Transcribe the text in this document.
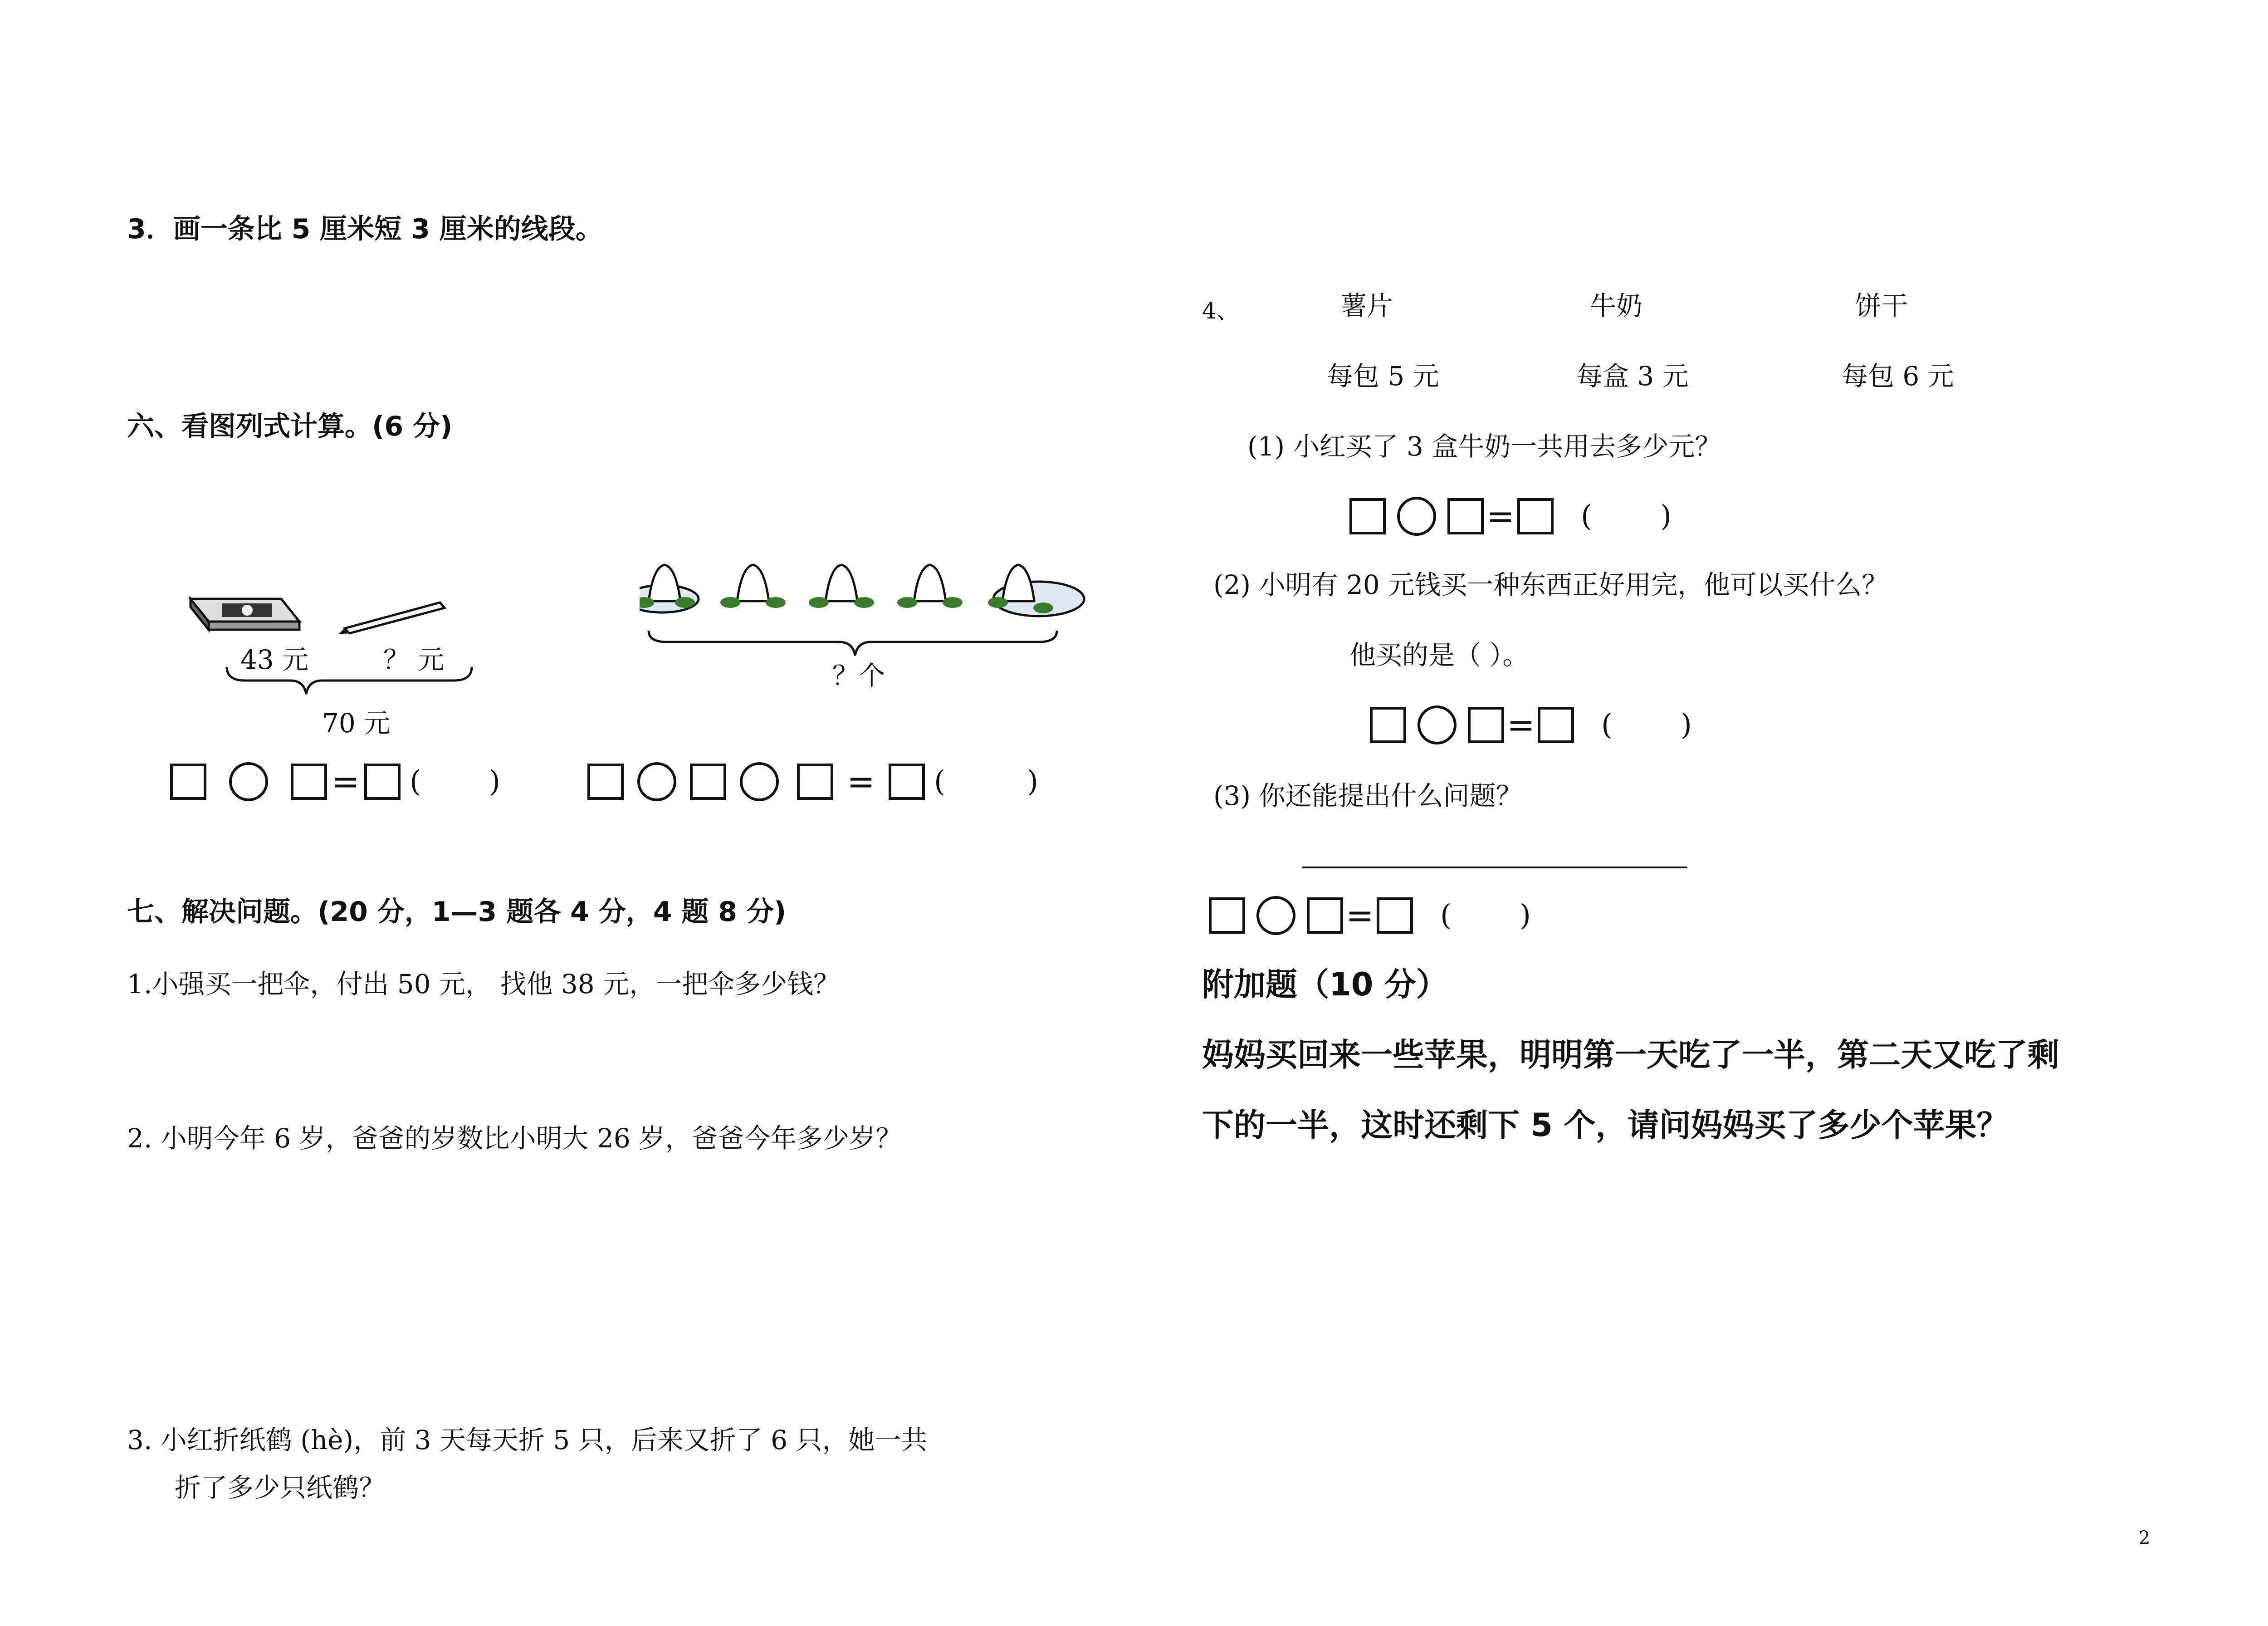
3．画一条比 5 厘米短 3 厘米的线段。
六、看图列式计算。(6 分)
43 元	？ 元
70 元
？个
= ( )	= (	)
七、解决问题。(20 分，1—3 题各 4 分，4 题 8 分)
1.小强买一把伞，付出 50 元， 找他 38 元，一把伞多少钱？
2. 小明今年 6 岁，爸爸的岁数比小明大 26 岁，爸爸今年多少岁？
3. 小红折纸鹤 (hè)，前 3 天每天折 5 只，后来又折了 6 只，她一共
折了多少只纸鹤？
4、	薯片	牛奶	饼干
每包 5 元	每盒 3 元	每包 6 元
(1) 小红买了 3 盒牛奶一共用去多少元？
= ( )
(2) 小明有 20 元钱买一种东西正好用完，他可以买什么？
他买的是（ ）。
= ( )
(3) 你还能提出什么问题？
= ( )
附加题（10 分）
妈妈买回来一些苹果，明明第一天吃了一半，第二天又吃了剩
下的一半，这时还剩下 5 个，请问妈妈买了多少个苹果？
2
